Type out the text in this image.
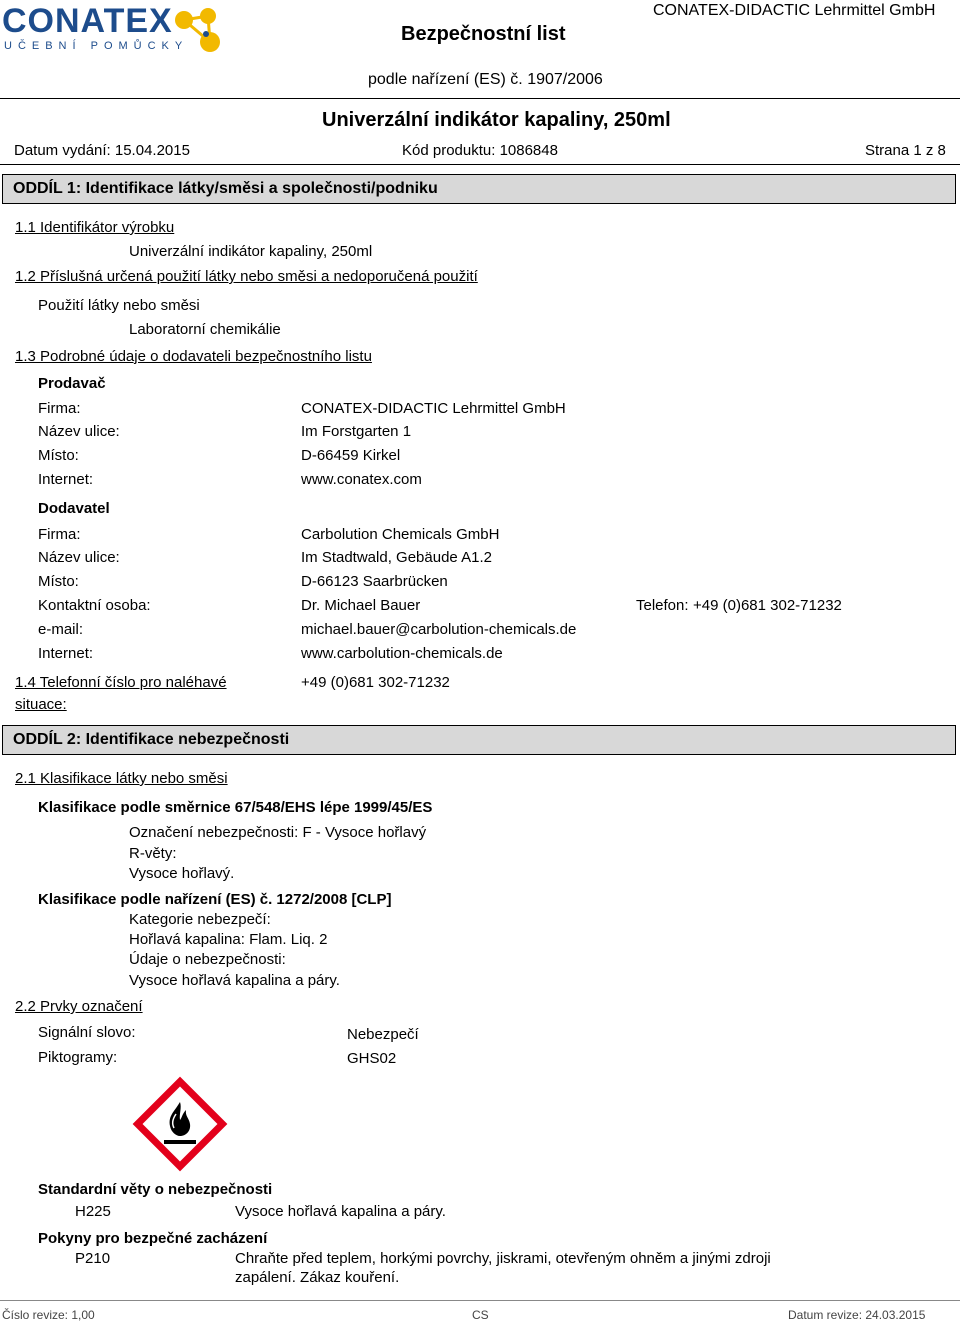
CONATEX
UČEBNÍ POMŮCKY
Bezpečnostní list
CONATEX-DIDACTIC Lehrmittel GmbH
podle nařízení (ES) č. 1907/2006
Univerzální indikátor kapaliny, 250ml
Datum vydání: 15.04.2015	Kód produktu: 1086848	Strana 1 z 8
ODDÍL 1: Identifikace látky/směsi a společnosti/podniku
1.1 Identifikátor výrobku
Univerzální indikátor kapaliny, 250ml
1.2 Příslušná určená použití látky nebo směsi a nedoporučená použití
Použití látky nebo směsi
Laboratorní chemikálie
1.3 Podrobné údaje o dodavateli bezpečnostního listu
Prodavač
Firma:	CONATEX-DIDACTIC Lehrmittel GmbH
Název ulice:	Im Forstgarten 1
Místo:	D-66459 Kirkel
Internet:	www.conatex.com
Dodavatel
Firma:	Carbolution Chemicals GmbH
Název ulice:	Im Stadtwald, Gebäude A1.2
Místo:	D-66123 Saarbrücken
Kontaktní osoba:	Dr. Michael Bauer	Telefon: +49 (0)681 302-71232
e-mail:	michael.bauer@carbolution-chemicals.de
Internet:	www.carbolution-chemicals.de
1.4 Telefonní číslo pro naléhavé
situace:
+49 (0)681 302-71232
ODDÍL 2: Identifikace nebezpečnosti
2.1 Klasifikace látky nebo směsi
Klasifikace podle směrnice 67/548/EHS lépe 1999/45/ES
Označení nebezpečnosti: F - Vysoce hořlavý
R-věty:
Vysoce hořlavý.
Klasifikace podle nařízení (ES) č. 1272/2008 [CLP]
Kategorie nebezpečí:
Hořlavá kapalina: Flam. Liq. 2
Údaje o nebezpečnosti:
Vysoce hořlavá kapalina a páry.
2.2 Prvky označení
Signální slovo:	Nebezpečí
Piktogramy:	GHS02
Standardní věty o nebezpečnosti
H225	Vysoce hořlavá kapalina a páry.
Pokyny pro bezpečné zacházení
P210	Chraňte před teplem, horkými povrchy, jiskrami, otevřeným ohněm a jinými zdroji
zapálení. Zákaz kouření.
Číslo revize: 1,00	CS	Datum revize: 24.03.2015
